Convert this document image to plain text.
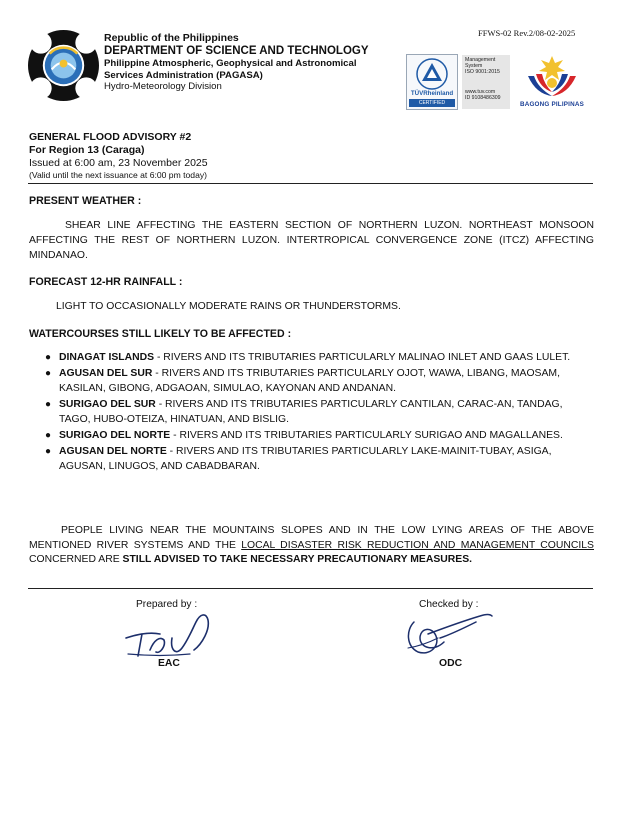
FFWS-02 Rev.2/08-02-2025
Republic of the Philippines
DEPARTMENT OF SCIENCE AND TECHNOLOGY
Philippine Atmospheric, Geophysical and Astronomical
Services Administration (PAGASA)
Hydro-Meteorology Division
TÜVRheinland
CERTIFIED
Management
System
ISO 9001:2015
www.tuv.com
ID 9108486309
BAGONG PILIPINAS
GENERAL FLOOD ADVISORY #2
For Region 13 (Caraga)
Issued at 6:00 am, 23 November 2025
(Valid until the next issuance at 6:00 pm today)
PRESENT WEATHER :
SHEAR LINE AFFECTING THE EASTERN SECTION OF NORTHERN LUZON. NORTHEAST MONSOON AFFECTING THE REST OF NORTHERN LUZON. INTERTROPICAL CONVERGENCE ZONE (ITCZ) AFFECTING MINDANAO.
FORECAST 12-HR RAINFALL :
LIGHT TO OCCASIONALLY MODERATE RAINS OR THUNDERSTORMS.
WATERCOURSES STILL LIKELY TO BE AFFECTED :
● DINAGAT ISLANDS - RIVERS AND ITS TRIBUTARIES PARTICULARLY MALINAO INLET AND GAAS LULET.
● AGUSAN DEL SUR - RIVERS AND ITS TRIBUTARIES PARTICULARLY OJOT, WAWA, LIBANG, MAOSAM, KASILAN, GIBONG, ADGAOAN, SIMULAO, KAYONAN AND ANDANAN.
● SURIGAO DEL SUR - RIVERS AND ITS TRIBUTARIES PARTICULARLY CANTILAN, CARAC-AN, TANDAG, TAGO, HUBO-OTEIZA, HINATUAN, AND BISLIG.
● SURIGAO DEL NORTE - RIVERS AND ITS TRIBUTARIES PARTICULARLY SURIGAO AND MAGALLANES.
● AGUSAN DEL NORTE - RIVERS AND ITS TRIBUTARIES PARTICULARLY LAKE-MAINIT-TUBAY, ASIGA, AGUSAN, LINUGOS, AND CABADBARAN.
PEOPLE LIVING NEAR THE MOUNTAINS SLOPES AND IN THE LOW LYING AREAS OF THE ABOVE MENTIONED RIVER SYSTEMS AND THE LOCAL DISASTER RISK REDUCTION AND MANAGEMENT COUNCILS CONCERNED ARE STILL ADVISED TO TAKE NECESSARY PRECAUTIONARY MEASURES.
Prepared by :
EAC
Checked by :
ODC
